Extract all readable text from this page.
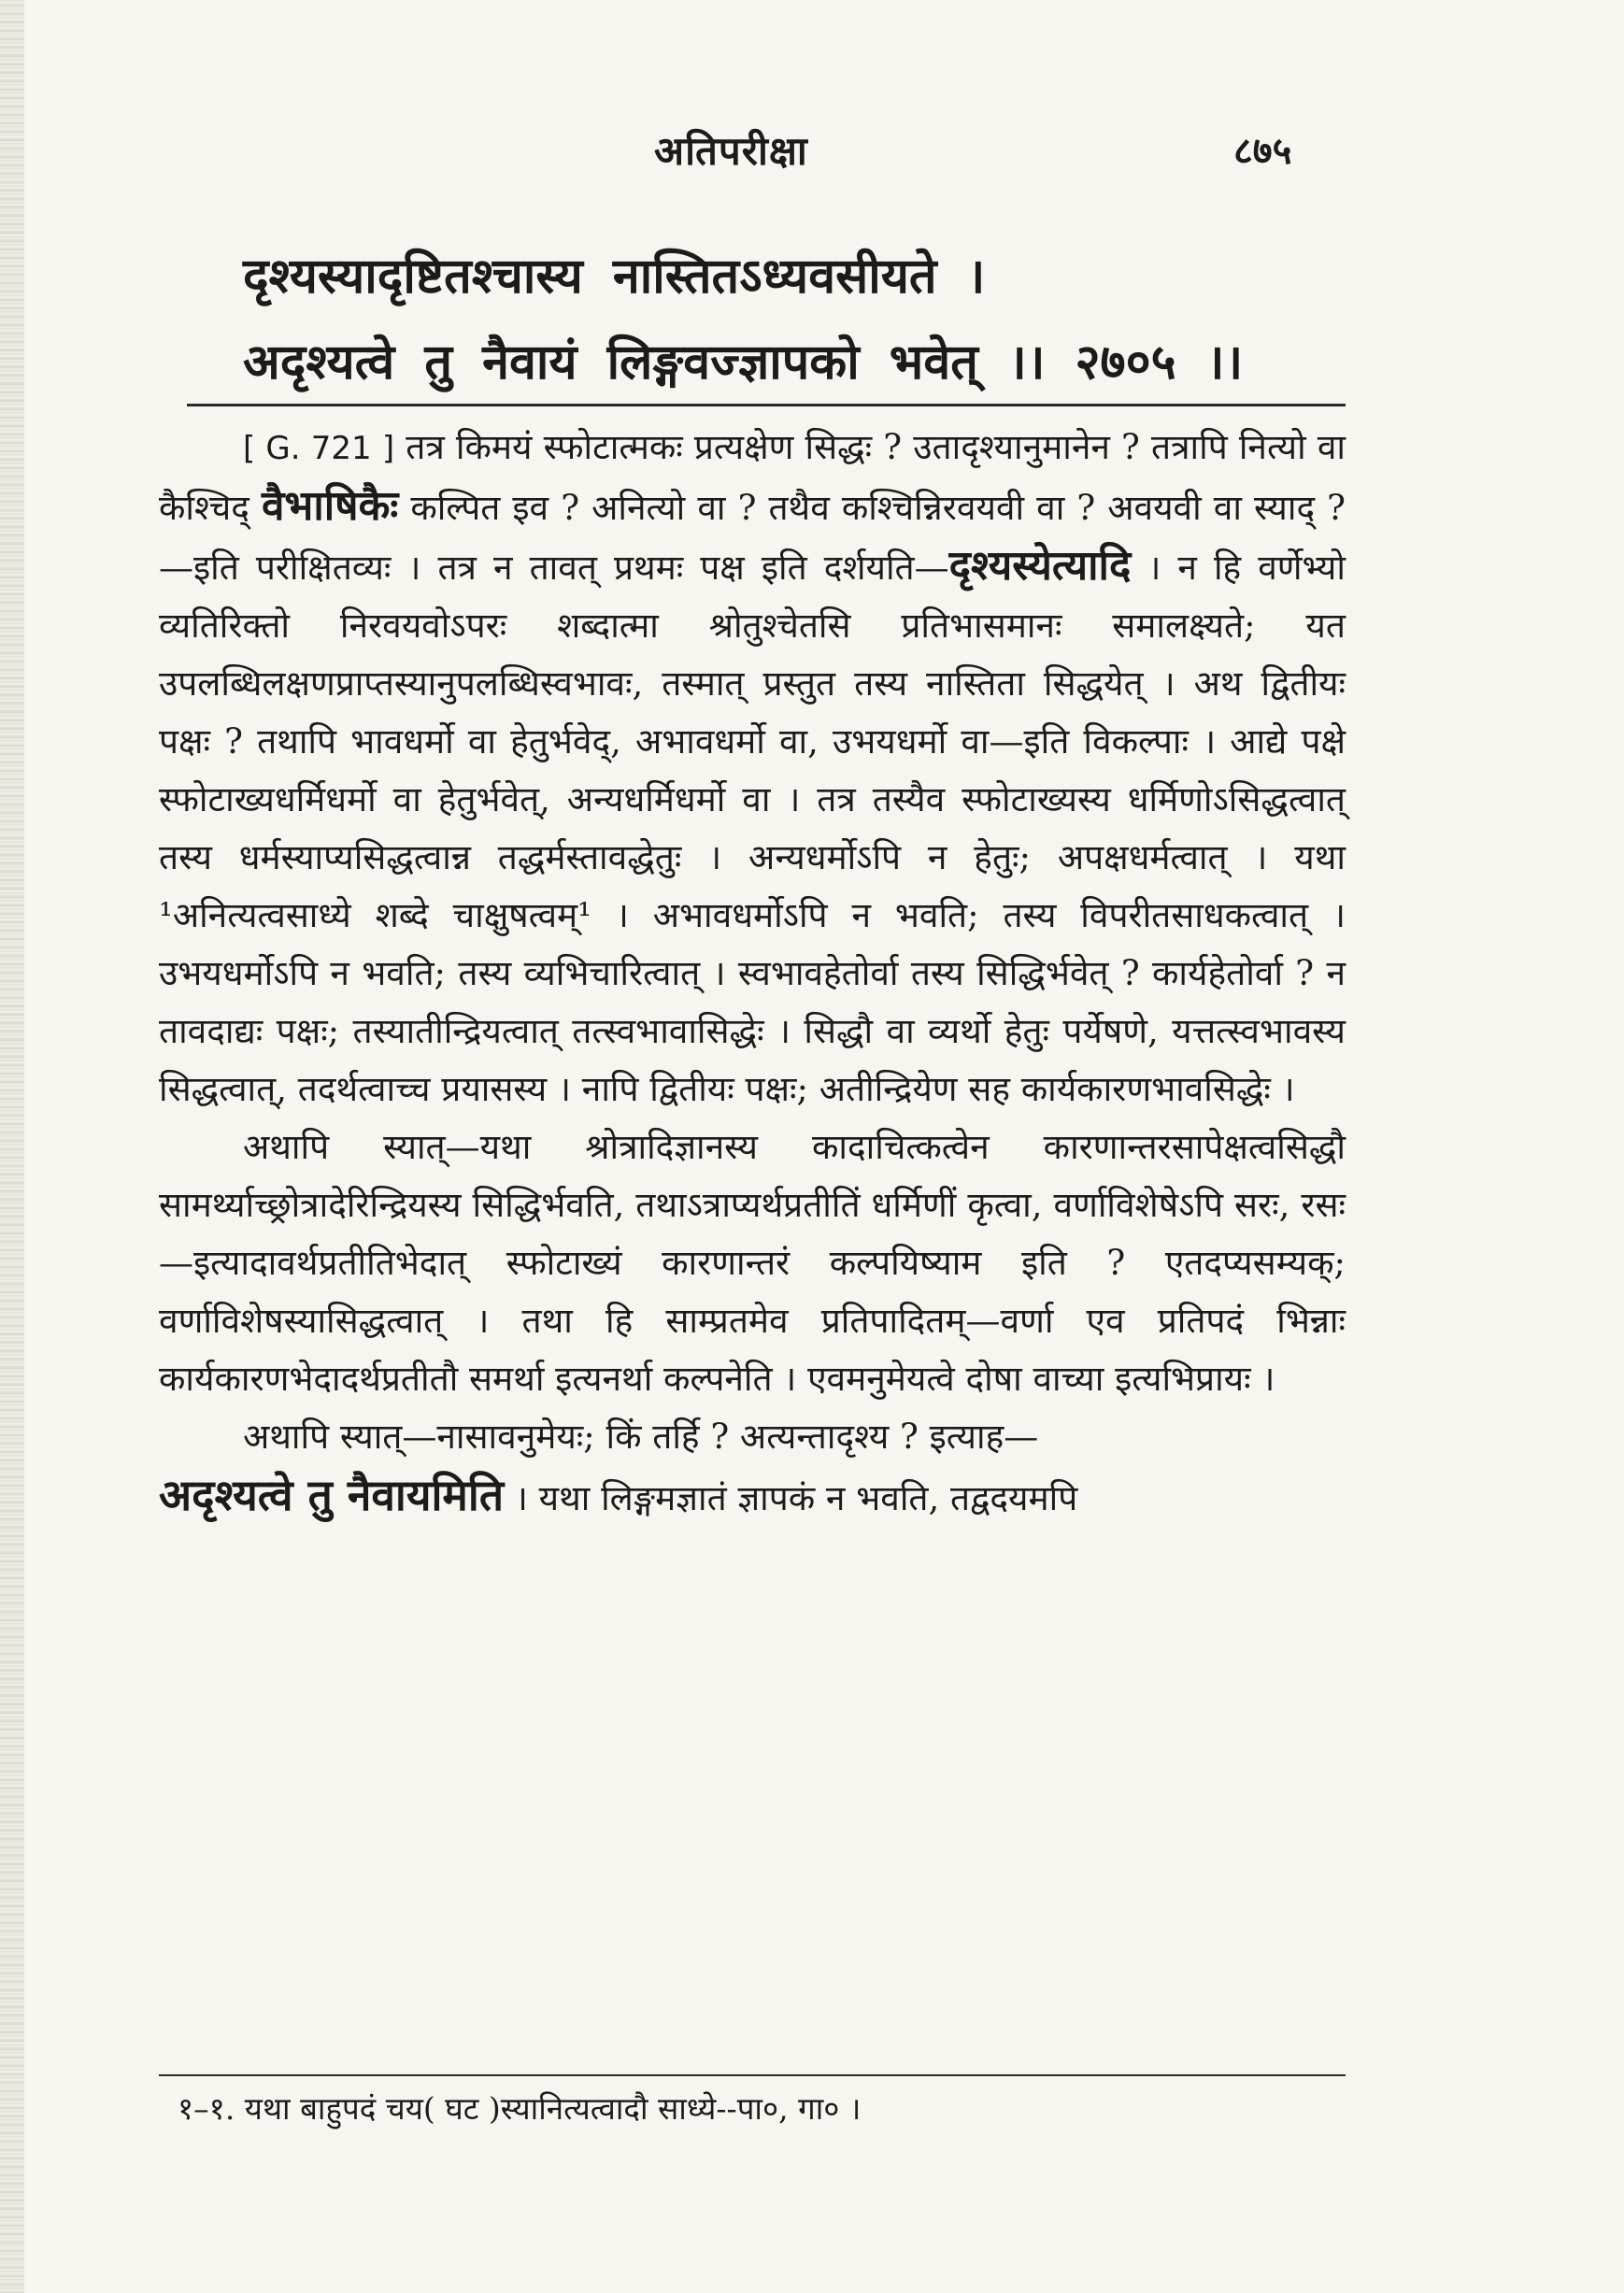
अतिपरीक्षा	८७५
दृश्यस्यादृष्टितश्चास्य नास्तितऽध्यवसीयते ।
अदृश्यत्वे तु नैवायं लिङ्गवज्ज्ञापको भवेत् ।। २७०५ ।।

[ G. 721 ] तत्र किमयं स्फोटात्मकः प्रत्यक्षेण सिद्धः ? उतादृश्यानुमानेन ? तत्रापि नित्यो वा कैश्चिद् वैभाषिकैः कल्पित इव ? अनित्यो वा ? तथैव कश्चिन्निरवयवी वा ? अवयवी वा स्याद् ?—इति परीक्षितव्यः । तत्र न तावत् प्रथमः पक्ष इति दर्शयति—दृश्यस्येत्यादि । न हि वर्णेभ्यो व्यतिरिक्तो निरवयवोऽपरः शब्दात्मा श्रोतुश्चेतसि प्रतिभासमानः समालक्ष्यते; यत उपलब्धिलक्षणप्राप्तस्यानुपलब्धिस्वभावः, तस्मात् प्रस्तुत तस्य नास्तिता सिद्धयेत् । अथ द्वितीयः पक्षः ? तथापि भावधर्मो वा हेतुर्भवेद्, अभावधर्मो वा, उभयधर्मो वा—इति विकल्पाः । आद्ये पक्षे स्फोटाख्यधर्मिधर्मो वा हेतुर्भवेत्, अन्यधर्मिधर्मो वा । तत्र तस्यैव स्फोटाख्यस्य धर्मिणोऽसिद्धत्वात् तस्य धर्मस्याप्यसिद्धत्वान्न तद्धर्मस्तावद्धेतुः । अन्यधर्मोऽपि न हेतुः; अपक्षधर्मत्वात् । यथा ¹अनित्यत्वसाध्ये शब्दे चाक्षुषत्वम्¹ । अभावधर्मोऽपि न भवति; तस्य विपरीतसाधकत्वात् । उभयधर्मोऽपि न भवति; तस्य व्यभिचारित्वात् । स्वभावहेतोर्वा तस्य सिद्धिर्भवेत् ? कार्यहेतोर्वा ? न तावदाद्यः पक्षः; तस्यातीन्द्रियत्वात् तत्स्वभावासिद्धेः । सिद्धौ वा व्यर्थो हेतुः पर्येषणे, यत्तत्स्वभावस्य सिद्धत्वात्, तदर्थत्वाच्च प्रयासस्य । नापि द्वितीयः पक्षः; अतीन्द्रियेण सह कार्यकारणभावसिद्धेः ।

अथापि स्यात्—यथा श्रोत्रादिज्ञानस्य कादाचित्कत्वेन कारणान्तरसापेक्षत्वसिद्धौ सामर्थ्याच्छ्रोत्रादेरिन्द्रियस्य सिद्धिर्भवति, तथाऽत्राप्यर्थप्रतीतिं धर्मिणीं कृत्वा, वर्णाविशेषेऽपि सरः, रसः—इत्यादावर्थप्रतीतिभेदात् स्फोटाख्यं कारणान्तरं कल्पयिष्याम इति ? एतदप्यसम्यक्; वर्णाविशेषस्यासिद्धत्वात् । तथा हि साम्प्रतमेव प्रतिपादितम्—वर्णा एव प्रतिपदं भिन्नाः कार्यकारणभेदादर्थप्रतीतौ समर्था इत्यनर्था कल्पनेति । एवमनुमेयत्वे दोषा वाच्या इत्यभिप्रायः ।

अथापि स्यात्—नासावनुमेयः; किं तर्हि ? अत्यन्तादृश्य ? इत्याह—
अदृश्यत्वे तु नैवायमिति । यथा लिङ्गमज्ञातं ज्ञापकं न भवति, तद्वदयमपि

१–१. यथा बाहुपदं चय( घट )स्यानित्यत्वादौ साध्ये--पा०, गा० ।
